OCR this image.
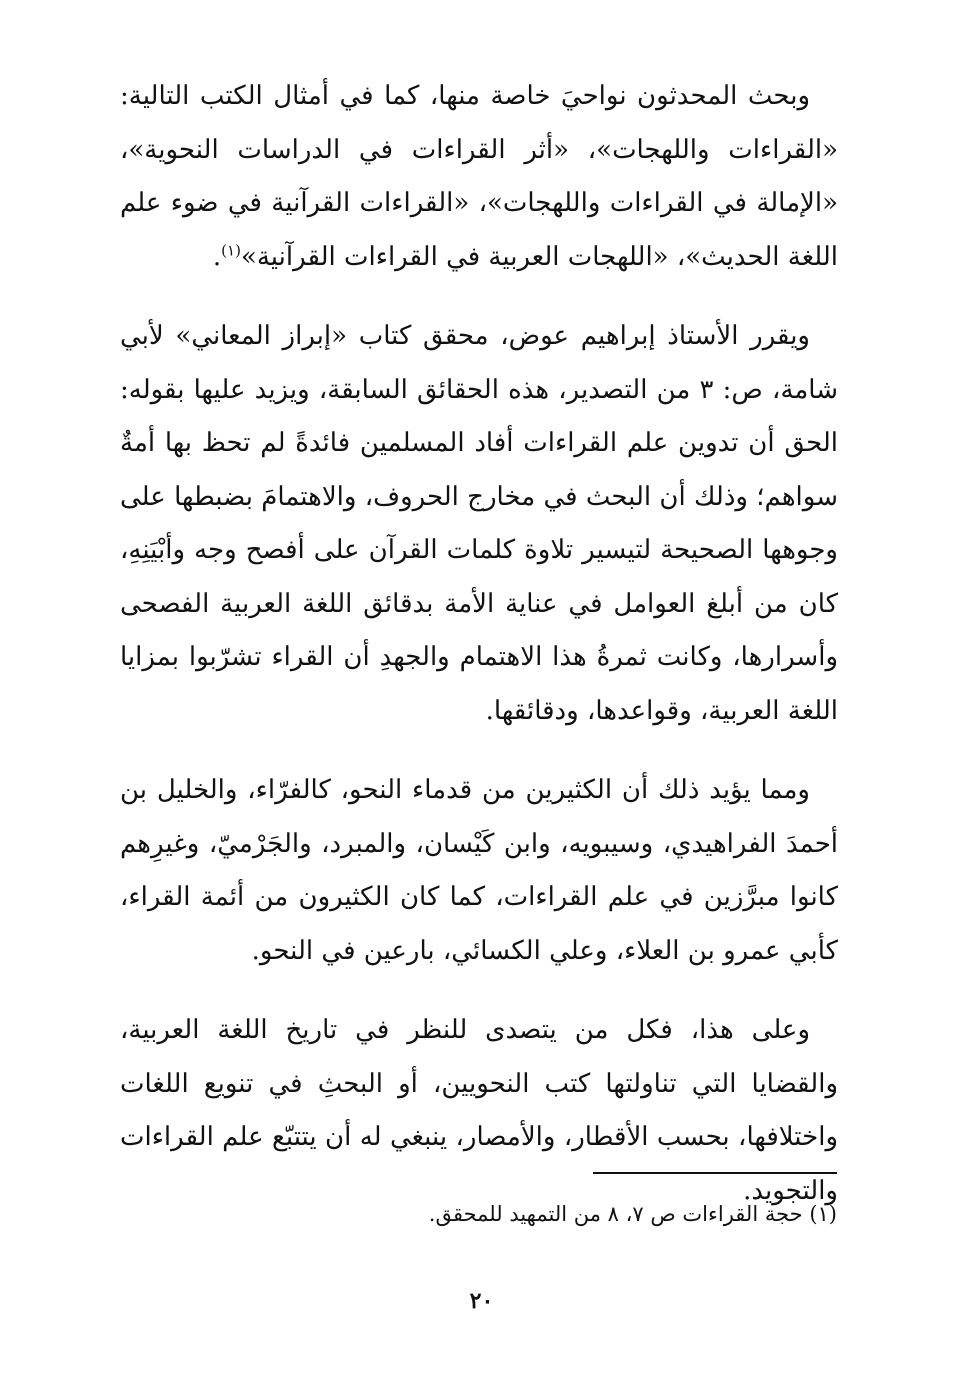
وبحث المحدثون نواحيَ خاصة منها، كما في أمثال الكتب التالية: «القراءات واللهجات»، «أثر القراءات في الدراسات النحوية»، «الإمالة في القراءات واللهجات»، «القراءات القرآنية في ضوء علم اللغة الحديث»، «اللهجات العربية في القراءات القرآنية»$^{(١)}$.

ويقرر الأستاذ إبراهيم عوض، محقق كتاب «إبراز المعاني» لأبي شامة، ص: ٣ من التصدير، هذه الحقائق السابقة، ويزيد عليها بقوله: الحق أن تدوين علم القراءات أفاد المسلمين فائدةً لم تحظ بها أمةٌ سواهم؛ وذلك أن البحث في مخارج الحروف، والاهتمامَ بضبطها على وجوهها الصحيحة لتيسير تلاوة كلمات القرآن على أفصح وجه وأبْيَنِهِ، كان من أبلغ العوامل في عناية الأمة بدقائق اللغة العربية الفصحى وأسرارها، وكانت ثمرةُ هذا الاهتمام والجهدِ أن القراء تشرّبوا بمزايا اللغة العربية، وقواعدها، ودقائقها.

ومما يؤيد ذلك أن الكثيرين من قدماء النحو، كالفرّاء، والخليل بن أحمدَ الفراهيدي، وسيبويه، وابن كَيْسان، والمبرد، والجَرْميّ، وغيرِهم كانوا مبرَّزين في علم القراءات، كما كان الكثيرون من أئمة القراء، كأبي عمرو بن العلاء، وعلي الكسائي، بارعين في النحو.

وعلى هذا، فكل من يتصدى للنظر في تاريخ اللغة العربية، والقضايا التي تناولتها كتب النحويين، أو البحثِ في تنويع اللغات واختلافها، بحسب الأقطار، والأمصار، ينبغي له أن يتتبّع علم القراءات والتجويد.

(١) حجة القراءات ص ٧، ٨ من التمهيد للمحقق.

٢٠
